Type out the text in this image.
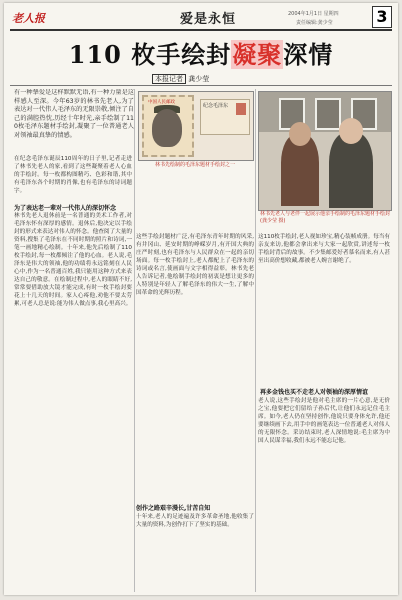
老人报	爱是永恒	2004年1月1日 星期四
责任编辑:龚少莹	3
110 枚手绘封凝聚深情
本报记者 龚少莹
有一种挚爱是这样默默无语,有一种力量是这样感人至深。今年63岁的林书先老人,为了表达对一代伟人毛泽东的无限崇敬,倾注了自己的满腔热忱,历经十年时光,亲手绘制了110枚毛泽东题材手绘封,凝聚了一位普通老人对领袖最真挚的情感。
在纪念毛泽东诞辰110周年的日子里,记者走进了林书先老人的家,看到了这些凝聚着老人心血的手绘封。每一枚都构图精巧、色彩和谐,其中有毛泽东各个时期的肖像,也有毛泽东的诗词题字。
为了表达老一辈对一代伟人的深切怀念
林书先老人退休前是一名普通的美术工作者,对毛泽东怀有深厚的感情。退休后,他决定以手绘封的形式来表达对伟人的怀念。他查阅了大量的资料,搜集了毛泽东在不同时期的照片和诗词,一笔一画地精心绘制。十年来,他先后绘制了110枚手绘封,每一枚都倾注了他的心血。老人说,毛泽东是伟大的领袖,他的功绩将永远铭刻在人民心中,作为一名普通百姓,我只能用这种方式来表达自己的敬意。在绘制过程中,老人的眼睛不好,常常要借助放大镜才能完成,有时一枚手绘封要花上十几天的时间。家人心疼他,劝他不要太劳累,可老人总是说:能为伟人做点事,我心里高兴。
中国人民邮政
纪念毛泽东
林书先绘制的毛泽东题材手绘封之一
这些手绘封题材广泛,有毛泽东青年时期的风采,有井冈山、延安时期的峥嵘岁月,有开国大典的庄严时刻,也有毛泽东与人民群众在一起的亲切场面。每一枚手绘封上,老人都配上了毛泽东的诗词或名言,使画面与文字相得益彰。林书先老人告诉记者,他绘制手绘封的初衷是想让更多的人特别是年轻人了解毛泽东的伟大一生,了解中国革命的光辉历程。
创作之路艰辛漫长,甘苦自知
十年来,老人的足迹遍及许多革命圣地,他收集了大量的资料,为创作打下了坚实的基础。
林书先老人与老伴一起展示他亲手绘制的毛泽东题材手绘封(龚少莹 摄)
这110枚手绘封,老人视如珍宝,精心装帧成册。每当有亲友来访,他都会拿出来与大家一起欣赏,讲述每一枚手绘封背后的故事。不少集邮爱好者慕名而来,有人甚至出高价想收藏,都被老人婉言谢绝了。
再多金钱也买不走老人对领袖的深厚情谊
老人说,这些手绘封是他对毛主席的一片心意,是无价之宝,他要把它们留给子孙后代,让他们永远记住毛主席。如今,老人仍在坚持创作,他说只要身体允许,他还要继续画下去,用手中的画笔表达一位普通老人对伟人的无限怀念。采访结束时,老人深情地说:毛主席为中国人民谋幸福,我们永远不能忘记他。
